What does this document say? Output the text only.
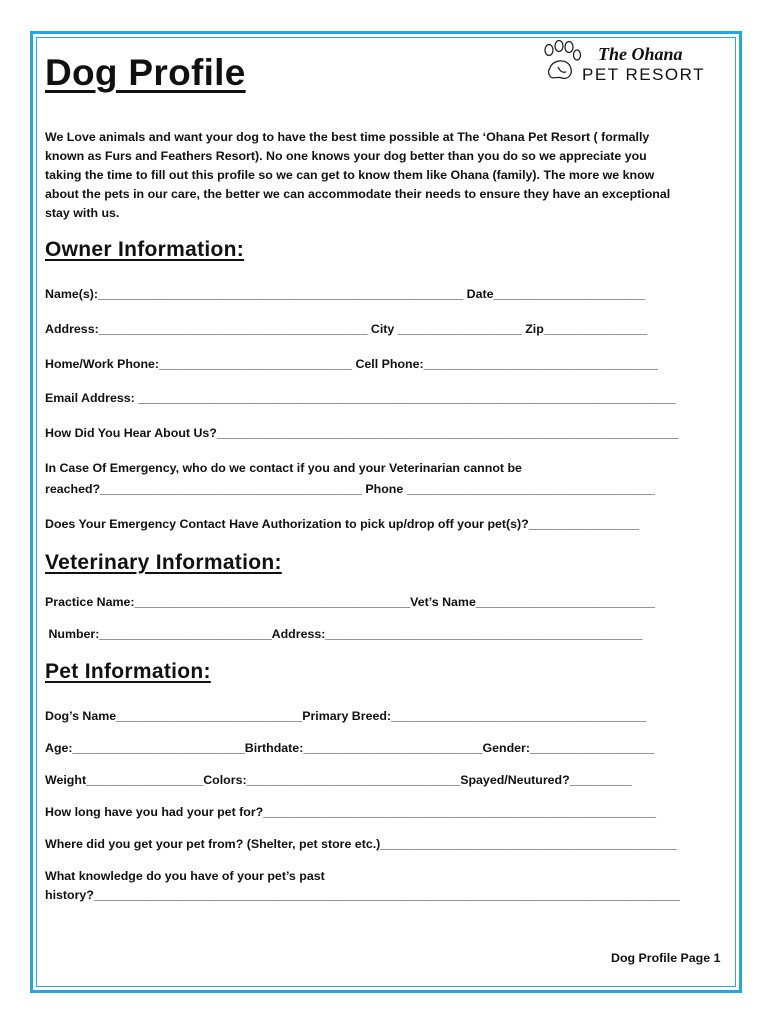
Dog Profile	The Ohana
PET RESORT
We Love animals and want your dog to have the best time possible at The ‘Ohana Pet Resort ( formally
known as Furs and Feathers Resort). No one knows your dog better than you do so we appreciate you
taking the time to fill out this profile so we can get to know them like Ohana (family). The more we know
about the pets in our care, the better we can accommodate their needs to ensure they have an exceptional
stay with us.
Owner Information:
Name(s):_____________________________________________________ Date______________________
Address:_______________________________________ City __________________ Zip_______________
Home/Work Phone:____________________________ Cell Phone:__________________________________
Email Address: ______________________________________________________________________________
How Did You Hear About Us?___________________________________________________________________
In Case Of Emergency, who do we contact if you and your Veterinarian cannot be
reached?______________________________________ Phone ____________________________________
Does Your Emergency Contact Have Authorization to pick up/drop off your pet(s)?________________
Veterinary Information:
Practice Name:________________________________________Vet’s Name__________________________
Number:_________________________Address:______________________________________________
Pet Information:
Dog’s Name___________________________Primary Breed:_____________________________________
Age:_________________________Birthdate:__________________________Gender:__________________
Weight_________________Colors:_______________________________Spayed/Neutured?_________
How long have you had your pet for?_________________________________________________________
Where did you get your pet from? (Shelter, pet store etc.)___________________________________________
What knowledge do you have of your pet’s past
history?_____________________________________________________________________________________
Dog Profile Page 1
